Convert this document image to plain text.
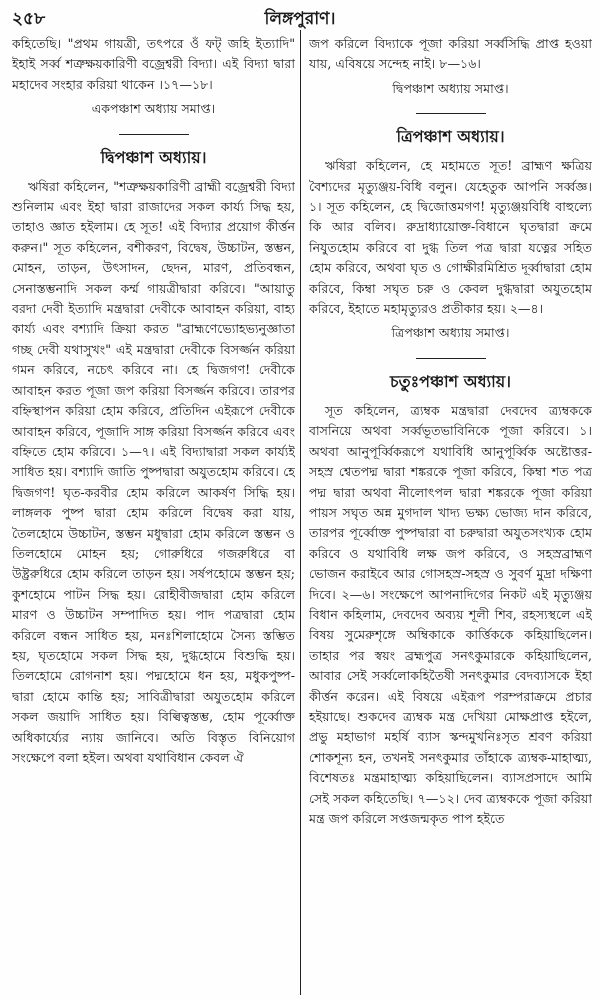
২৫৮	লিঙ্গপুরাণ।

কহিতেছি। "প্রথম গায়ত্রী, তৎপরে ওঁ ফট্ জহি ইত্যাদি" ইহাই সর্ব্ব শত্রুক্ষয়কারিণী বজ্রেশ্বরী বিদ্যা। এই বিদ্যা দ্বারা মহাদেব সংহার করিয়া থাকেন ।১৭—১৮।

একপঞ্চাশ অধ্যায় সমাপ্ত।

দ্বিপঞ্চাশ অধ্যায়।

ঋষিরা কহিলেন, "শত্রুক্ষয়কারিণী ব্রাহ্মী বজ্রেশ্বরী বিদ্যা শুনিলাম এবং ইহা দ্বারা রাজাদের সকল কার্য্য সিদ্ধ হয়, তাহাও জ্ঞাত হইলাম। হে সূত! এই বিদ্যার প্রয়োগ কীর্ত্তন করুন।" সূত কহিলেন, বশীকরণ, বিদ্বেষ, উচ্চাটন, স্তম্ভন, মোহন, তাড়ন, উৎসাদন, ছেদন, মারণ, প্রতিবন্ধন, সেনাস্তম্ভনাদি সকল কর্ম্ম গায়ত্রীদ্বারা করিবে। "আয়াতু বরদা দেবী ইত্যাদি মন্ত্রদ্বারা দেবীকে আবাহন করিয়া, বাহ্য কার্য্য এবং বশ্যাদি ক্রিয়া করত "ব্রাহ্মণেভ্যোহভ্যনুজ্ঞাতা গচ্ছ দেবী যথাসুখং" এই মন্ত্রদ্বারা দেবীকে বিসর্জ্জন করিয়া গমন করিবে, নচেৎ করিবে না। হে দ্বিজগণ! দেবীকে আবাহন করত পূজা জপ করিয়া বিসর্জ্জন করিবে। তারপর বহ্নিস্থাপন করিয়া হোম করিবে, প্রতিদিন এইরূপে দেবীকে আবাহন করিবে, পূজাদি সাঙ্গ করিয়া বিসর্জ্জন করিবে এবং বহ্নিতে হোম করিবে। ১—৭। এই বিদ্যাদ্বারা সকল কার্য্যই সাধিত হয়। বশ্যাদি জাতি পুষ্পদ্বারা অযুতহোম করিবে। হে দ্বিজগণ! ঘৃত-করবীর হোম করিলে আকর্ষণ সিদ্ধি হয়। লাঙ্গলক পুষ্প দ্বারা হোম করিলে বিদ্বেষ করা যায়, তৈলহোমে উচ্চাটন, স্তম্ভন মধুদ্বারা হোম করিলে স্তম্ভন ও তিলহোমে মোহন হয়; গোরুধিরে গজরুধিরে বা উষ্ট্ররুধিরে হোম করিলে তাড়ন হয়। সর্ষপহোমে স্তম্ভন হয়; কুশহোমে পাটন সিদ্ধ হয়। রোহীবীজদ্বারা হোম করিলে মারণ ও উচ্চাটন সম্পাদিত হয়। পাদ পত্রদ্বারা হোম করিলে বন্ধন সাধিত হয়, মনঃশিলাহোমে সৈন্য স্তম্ভিত হয়, ঘৃতহোমে সকল সিদ্ধ হয়, দুগ্ধহোমে বিশুদ্ধি হয়। তিলহোমে রোগনাশ হয়। পদ্মহোমে ধন হয়, মধুকপুষ্প-দ্বারা হোমে কান্তি হয়; সাবিত্রীদ্বারা অযুতহোম করিলে সকল জয়াদি সাধিত হয়। বিল্বিত্বস্তম্ভ, হোম পূর্ব্বোক্ত অধিকার্য্যের ন্যায় জানিবে। অতি বিস্তৃত বিনিয়োগ সংক্ষেপে বলা হইল। অথবা যথাবিধান কেবল ঐ

জপ করিলে বিদ্যাকে পূজা করিয়া সর্ব্বসিদ্ধি প্রাপ্ত হওয়া যায়, এবিষয়ে সন্দেহ নাই। ৮—১৬।

দ্বিপঞ্চাশ অধ্যায় সমাপ্ত।

ত্রিপঞ্চাশ অধ্যায়।

ঋষিরা কহিলেন, হে মহামতে সূত! ব্রাহ্মণ ক্ষত্রিয় বৈশ্যদের মৃত্যুঞ্জয়-বিধি বলুন। যেহেতুক আপনি সর্ব্বজ্ঞ। ১। সূত কহিলেন, হে দ্বিজোত্তমগণ! মৃত্যুঞ্জয়বিধি বাহুল্যে কি আর বলিব। রুদ্রাধ্যায়োক্ত-বিধানে ঘৃতদ্বারা ক্রমে নিযুতহোম করিবে বা দুগ্ধ তিল পত্র দ্বারা যত্নের সহিত হোম করিবে, অথবা ঘৃত ও গোক্ষীরমিশ্রিত দূর্ব্বাদ্বারা হোম করিবে, কিম্বা সঘৃত চরু ও কেবল দুগ্ধদ্বারা অযুতহোম করিবে, ইহাতে মহামৃত্যুরও প্রতীকার হয়। ২—৪।

ত্রিপঞ্চাশ অধ্যায় সমাপ্ত।

চতুঃপঞ্চাশ অধ্যায়।

সূত কহিলেন, ত্র্যম্বক মন্ত্রদ্বারা দেবদেব ত্র্যম্বককে বাসনিয়ে অথবা সর্ব্বভূতভাবিনিকে পূজা করিবে। ১। অথবা আনুপূর্ব্বিকরূপে যথাবিধি আনুপূর্ব্বিক অষ্টোত্তর-সহস্র শ্বেতপদ্ম দ্বারা শঙ্করকে পূজা করিবে, কিম্বা শত পত্র পদ্ম দ্বারা অথবা নীলোৎপল দ্বারা শঙ্করকে পূজা করিয়া পায়স সঘৃত অন্ন মুগদাল খাদ্য ভক্ষ্য ভোজ্য দান করিবে, তারপর পূর্ব্বোক্ত পুষ্পদ্বারা বা চরুদ্বারা অযুতসংখ্যক হোম করিবে ও যথাবিধি লক্ষ জপ করিবে, ও সহস্রব্রাহ্মণ ভোজন করাইবে আর গোসহস্র-সহস্র ও সুবর্ণ মুদ্রা দক্ষিণা দিবে। ২—৬। সংক্ষেপে আপনাদিগের নিকট এই মৃত্যুঞ্জয় বিধান কহিলাম, দেবদেব অব্যয় শূলী শিব, রহস্যস্থলে এই বিষয় সুমেরুশৃঙ্গে অম্বিকাকে কার্ত্তিককে কহিয়াছিলেন। তাহার পর স্বয়ং ব্রহ্মপুত্র সনৎকুমারকে কহিয়াছিলেন, আবার সেই সর্ব্বলোকহিতৈষী সনৎকুমার বেদব্যাসকে ইহা কীর্ত্তন করেন। এই বিষয়ে এইরূপ পরম্পরাক্রমে প্রচার হইয়াছে। শুকদেব ত্র্যম্বক মন্ত্র দেখিয়া মোক্ষপ্রাপ্ত হইলে, প্রভু মহাভাগ মহর্ষি ব্যাস স্কন্দমুখনিঃসৃত শ্রবণ করিয়া শোকশূন্য হন, তখনই সনৎকুমার তাঁহাকে ত্র্যম্বক-মাহাত্ম্য, বিশেষতঃ মন্ত্রমাহাত্ম্য কহিয়াছিলেন। ব্যাসপ্রসাদে আমি সেই সকল কহিতেছি। ৭—১২। দেব ত্র্যম্বককে পূজা করিয়া মন্ত্র জপ করিলে সপ্তজন্মকৃত পাপ হইতে
